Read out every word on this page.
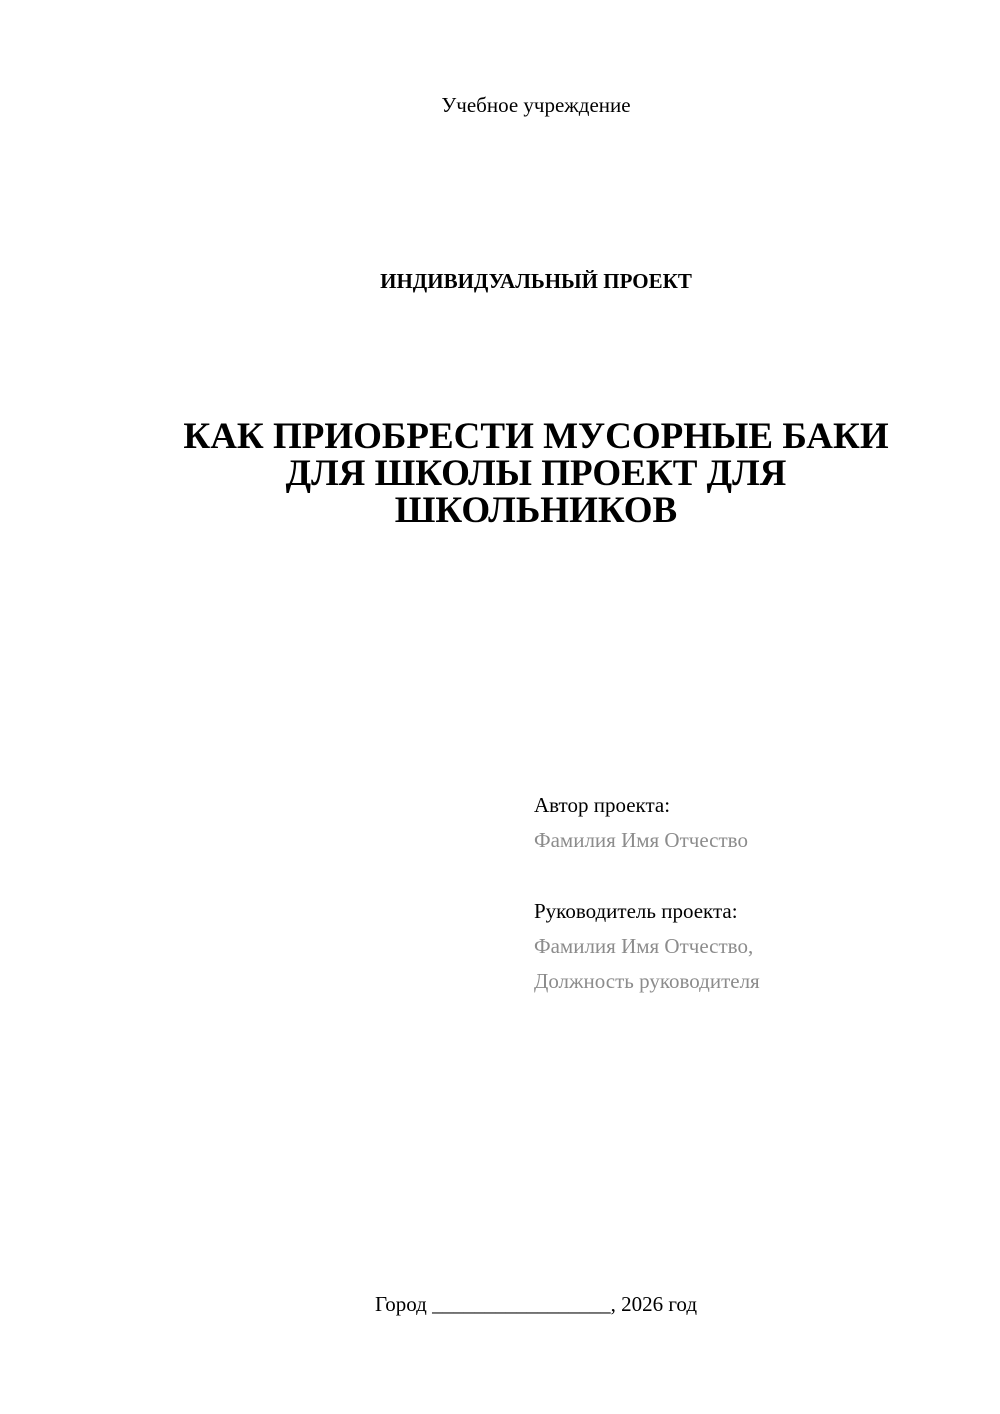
Учебное учреждение
ИНДИВИДУАЛЬНЫЙ ПРОЕКТ
КАК ПРИОБРЕСТИ МУСОРНЫЕ БАКИ
ДЛЯ ШКОЛЫ ПРОЕКТ ДЛЯ
ШКОЛЬНИКОВ
Автор проекта:
Фамилия Имя Отчество
Руководитель проекта:
Фамилия Имя Отчество,
Должность руководителя
Город _________________, 2026 год
